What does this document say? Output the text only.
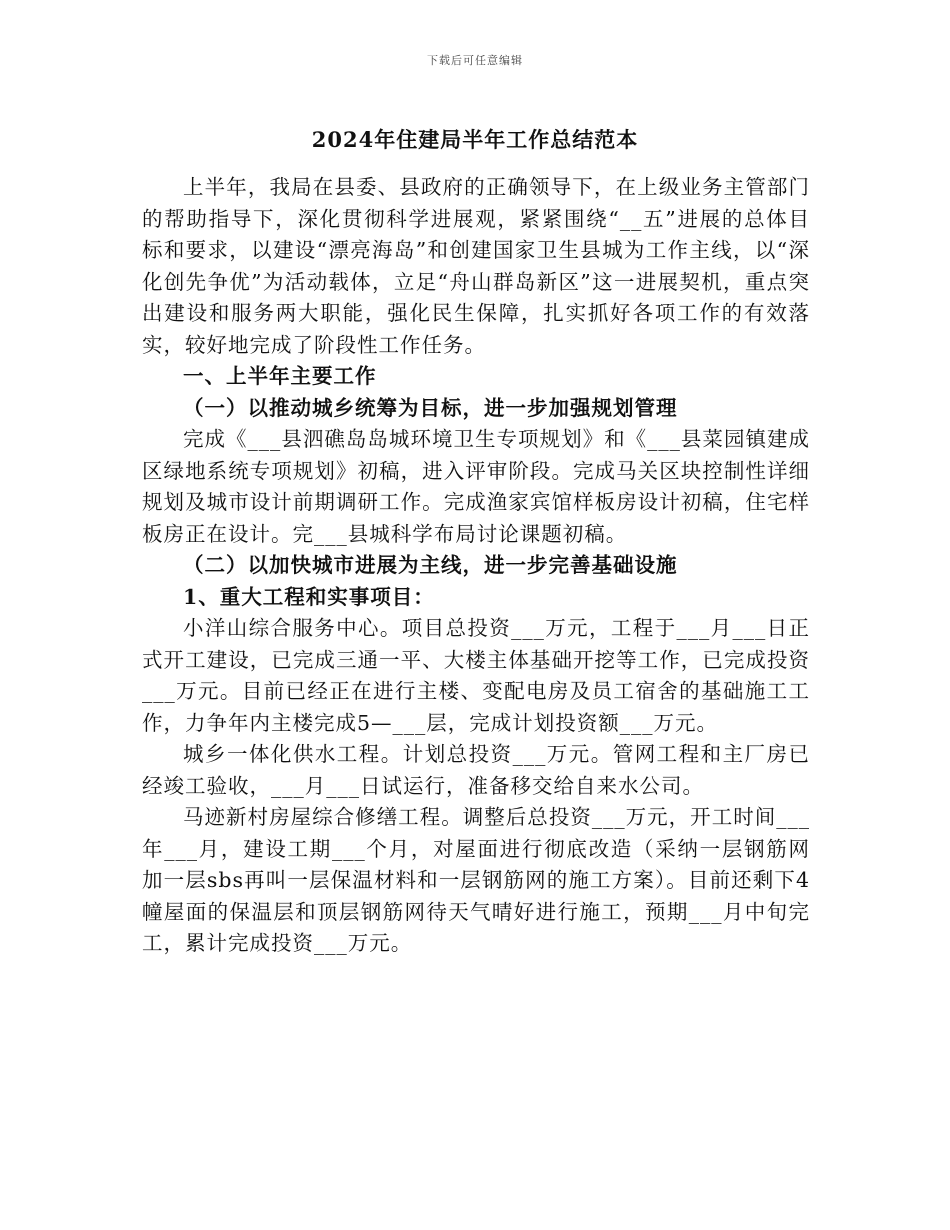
下载后可任意编辑
2024年住建局半年工作总结范本

上半年，我局在县委、县政府的正确领导下，在上级业务主管部门的帮助指导下，深化贯彻科学进展观，紧紧围绕“__五”进展的总体目标和要求，以建设“漂亮海岛”和创建国家卫生县城为工作主线，以“深化创先争优”为活动载体，立足“舟山群岛新区”这一进展契机，重点突出建设和服务两大职能，强化民生保障，扎实抓好各项工作的有效落实，较好地完成了阶段性工作任务。

一、上半年主要工作

（一）以推动城乡统筹为目标，进一步加强规划管理

完成《___县泗礁岛岛城环境卫生专项规划》和《___县菜园镇建成区绿地系统专项规划》初稿，进入评审阶段。完成马关区块控制性详细规划及城市设计前期调研工作。完成渔家宾馆样板房设计初稿，住宅样板房正在设计。完___县城科学布局讨论课题初稿。

（二）以加快城市进展为主线，进一步完善基础设施

1、重大工程和实事项目：

小洋山综合服务中心。项目总投资___万元，工程于___月___日正式开工建设，已完成三通一平、大楼主体基础开挖等工作，已完成投资___万元。目前已经正在进行主楼、变配电房及员工宿舍的基础施工工作，力争年内主楼完成5—___层，完成计划投资额___万元。

城乡一体化供水工程。计划总投资___万元。管网工程和主厂房已经竣工验收，___月___日试运行，准备移交给自来水公司。

马迹新村房屋综合修缮工程。调整后总投资___万元，开工时间___年___月，建设工期___个月，对屋面进行彻底改造（采纳一层钢筋网加一层sbs再叫一层保温材料和一层钢筋网的施工方案）。目前还剩下4幢屋面的保温层和顶层钢筋网待天气晴好进行施工，预期___月中旬完工，累计完成投资___万元。
